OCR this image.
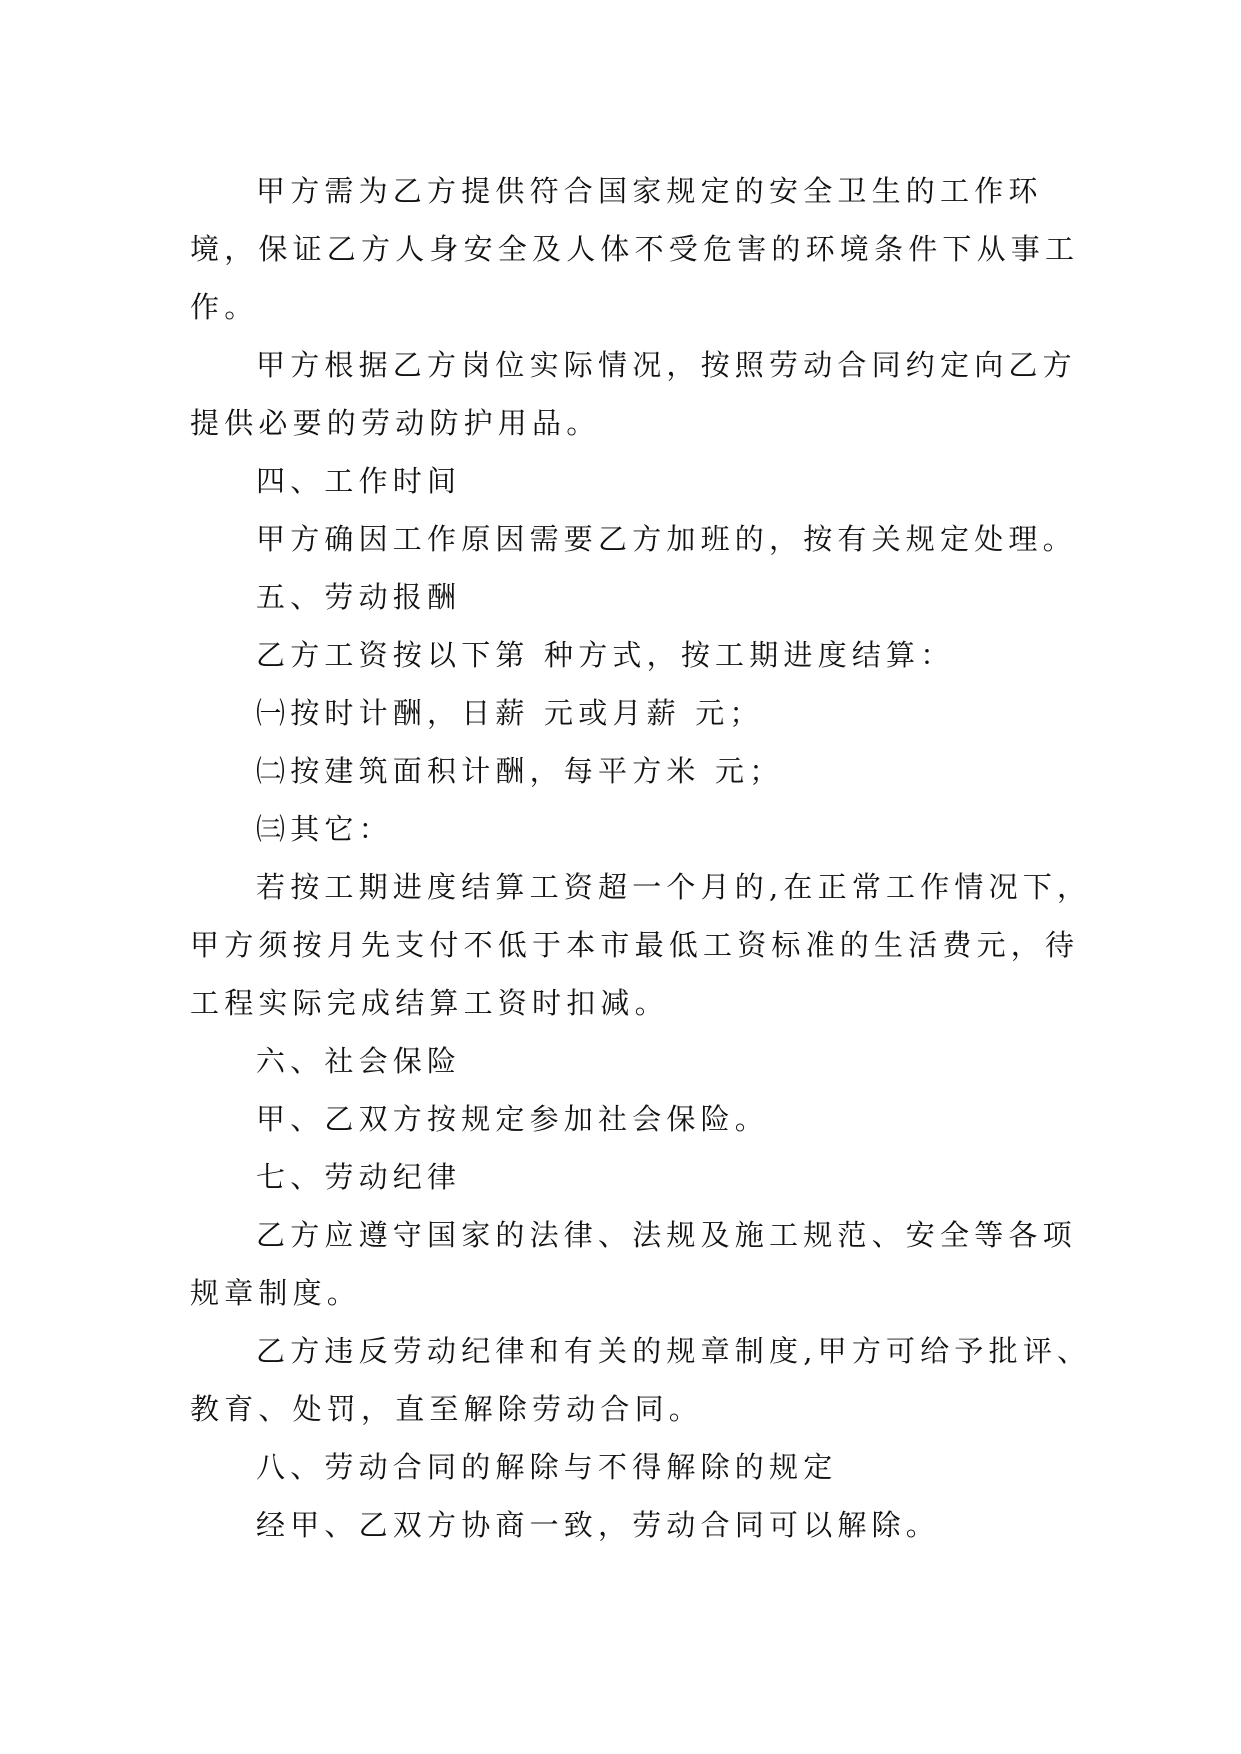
甲方需为乙方提供符合国家规定的安全卫生的工作环
境，保证乙方人身安全及人体不受危害的环境条件下从事工
作。
甲方根据乙方岗位实际情况，按照劳动合同约定向乙方
提供必要的劳动防护用品。
四、工作时间
甲方确因工作原因需要乙方加班的，按有关规定处理。
五、劳动报酬
乙方工资按以下第 种方式，按工期进度结算：
㈠按时计酬，日薪 元或月薪 元；
㈡按建筑面积计酬，每平方米 元；
㈢其它：
若按工期进度结算工资超一个月的,在正常工作情况下，
甲方须按月先支付不低于本市最低工资标准的生活费元，待
工程实际完成结算工资时扣减。
六、社会保险
甲、乙双方按规定参加社会保险。
七、劳动纪律
乙方应遵守国家的法律、法规及施工规范、安全等各项
规章制度。
乙方违反劳动纪律和有关的规章制度,甲方可给予批评、
教育、处罚，直至解除劳动合同。
八、劳动合同的解除与不得解除的规定
经甲、乙双方协商一致，劳动合同可以解除。
